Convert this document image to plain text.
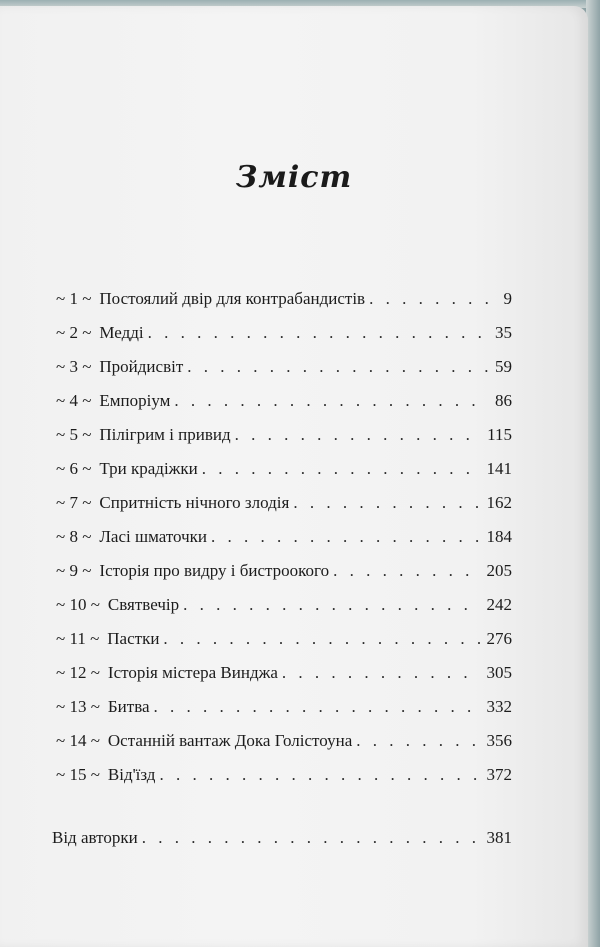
Зміст
~ 1 ~ Постоялий двір для контрабандистів . . .	9
~ 2 ~ Медді . . .	35
~ 3 ~ Пройдисвіт . . .	59
~ 4 ~ Емпоріум . . .	86
~ 5 ~ Пілігрим і привид . . .	115
~ 6 ~ Три крадіжки . . .	141
~ 7 ~ Спритність нічного злодія . . .	162
~ 8 ~ Ласі шматочки . . .	184
~ 9 ~ Історія про видру і бистроокого . . .	205
~ 10 ~ Святвечір . . .	242
~ 11 ~ Пастки . . .	276
~ 12 ~ Історія містера Винджа . . .	305
~ 13 ~ Битва . . .	332
~ 14 ~ Останній вантаж Дока Голістоуна . . .	356
~ 15 ~ Від'їзд . . .	372
Від авторки . . .	381
